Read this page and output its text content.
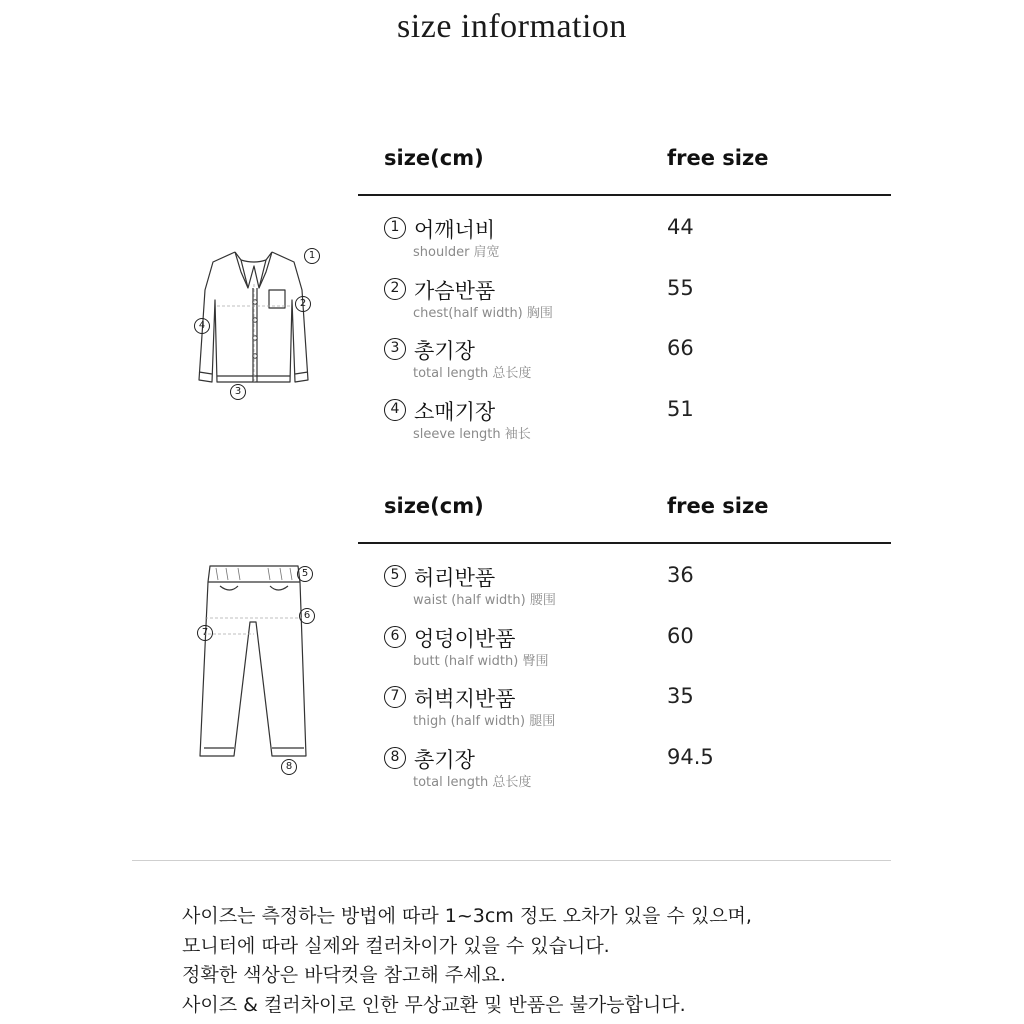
size information
1
2
3
4
size(cm)	free size
1 어깨너비
shoulder 肩宽
44
2 가슴반품
chest(half width) 胸围
55
3 총기장
total length 总长度
66
4 소매기장
sleeve length 袖长
51
5
6
7
8
size(cm)	free size
5 허리반품
waist (half width) 腰围
36
6 엉덩이반품
butt (half width) 臀围
60
7 허벅지반품
thigh (half width) 腿围
35
8 총기장
total length 总长度
94.5
사이즈는 측정하는 방법에 따라 1~3cm 정도 오차가 있을 수 있으며,
모니터에 따라 실제와 컬러차이가 있을 수 있습니다.
정확한 색상은 바닥컷을 참고해 주세요.
사이즈 & 컬러차이로 인한 무상교환 및 반품은 불가능합니다.
